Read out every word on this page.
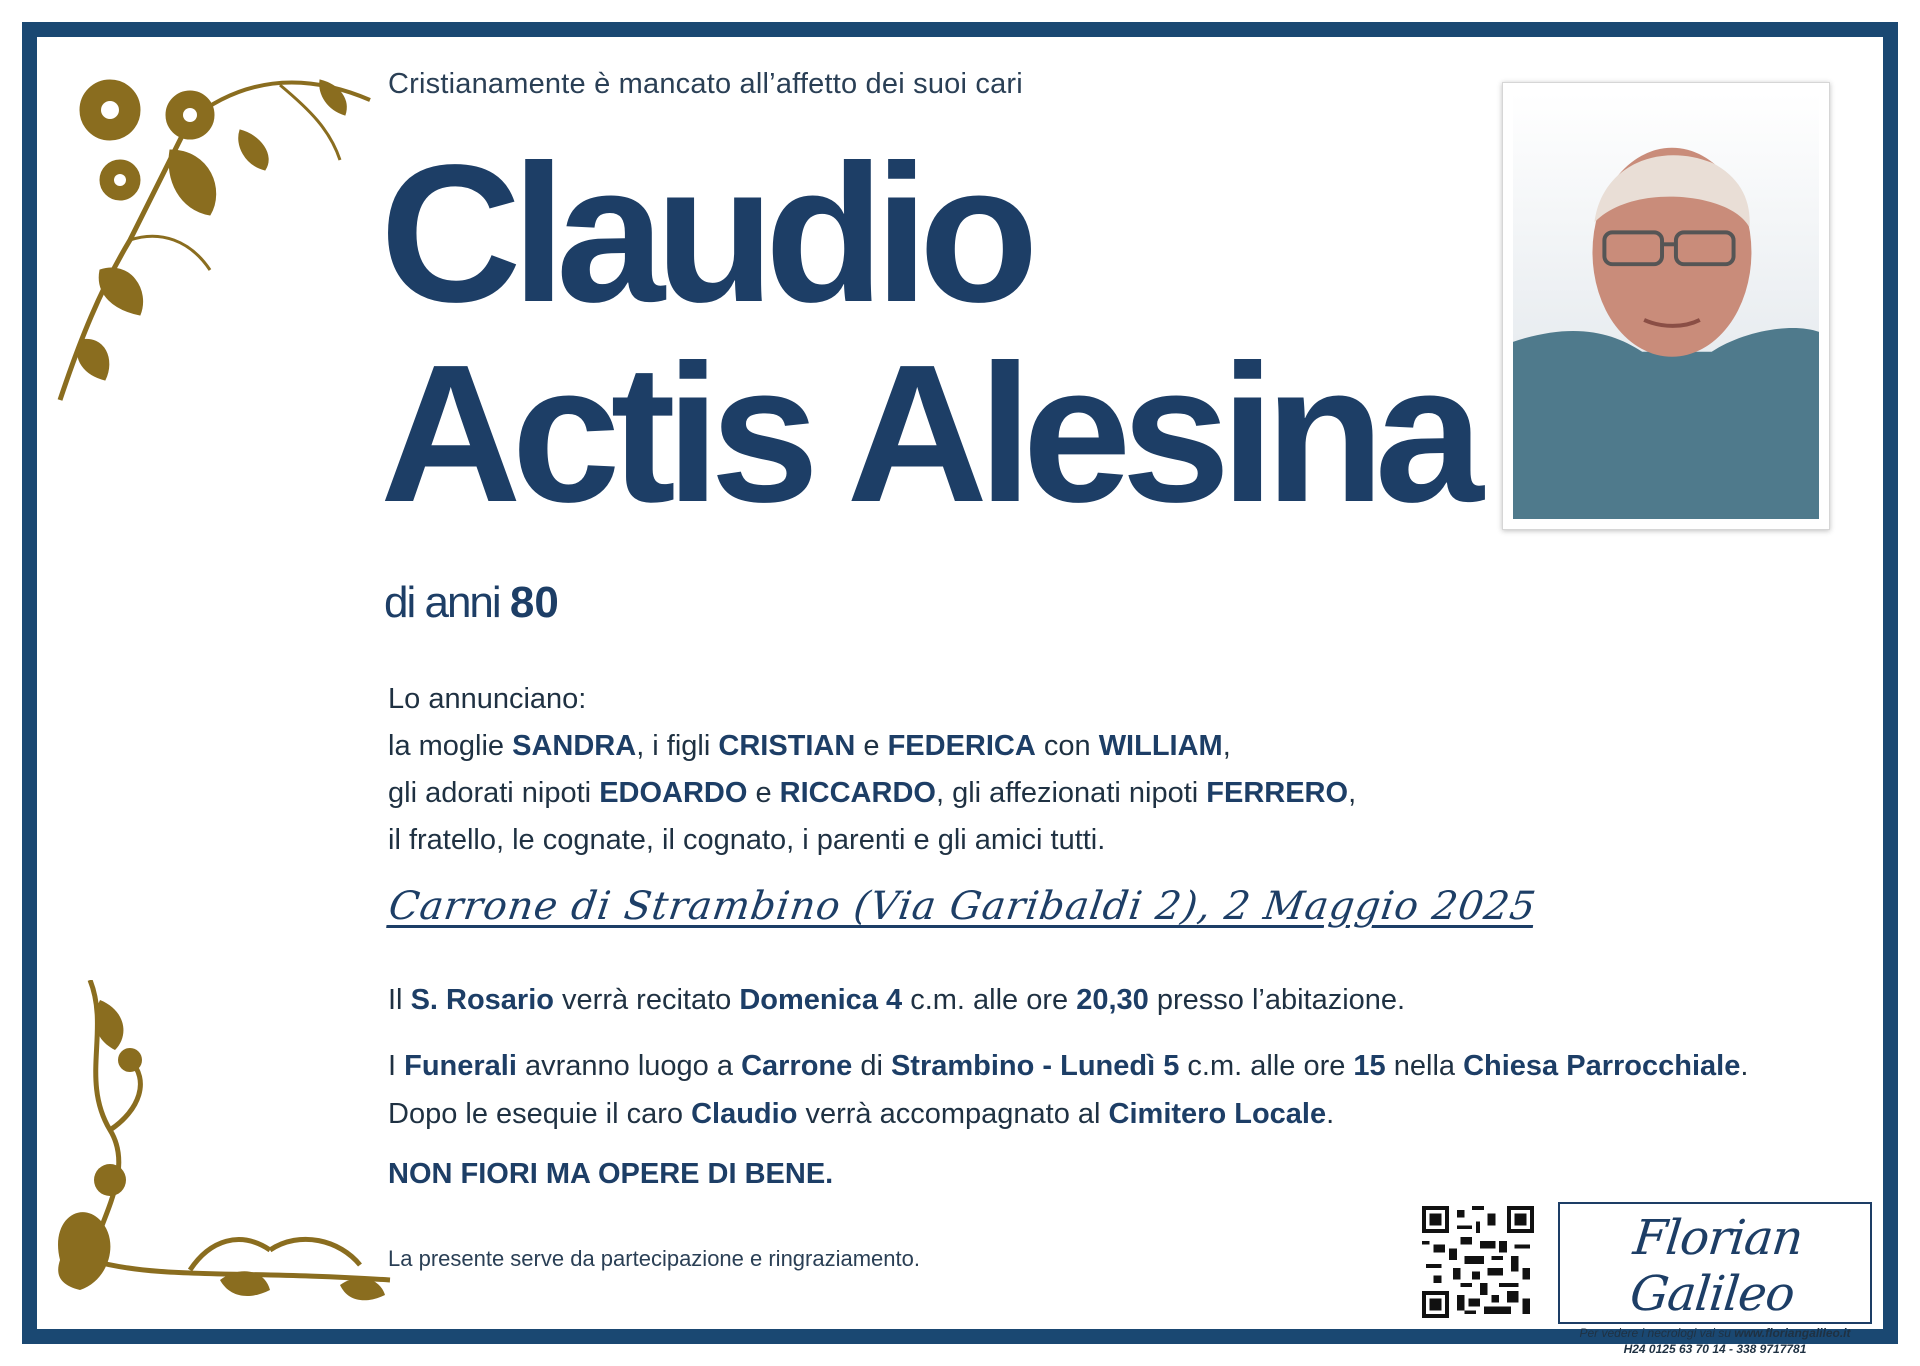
Cristianamente è mancato all’affetto dei suoi cari
Claudio
Actis Alesina
di anni 80
Lo annunciano:
la moglie SANDRA, i figli CRISTIAN e FEDERICA con WILLIAM,
gli adorati nipoti EDOARDO e RICCARDO, gli affezionati nipoti FERRERO,
il fratello, le cognate, il cognato, i parenti e gli amici tutti.
Carrone di Strambino (Via Garibaldi 2), 2 Maggio 2025
Il S. Rosario verrà recitato Domenica 4 c.m. alle ore 20,30 presso l’abitazione.
I Funerali avranno luogo a Carrone di Strambino - Lunedì 5 c.m. alle ore 15 nella Chiesa Parrocchiale.
Dopo le esequie il caro Claudio verrà accompagnato al Cimitero Locale.
NON FIORI MA OPERE DI BENE.
La presente serve da partecipazione e ringraziamento.	Florian Galileo
Per vedere i necrologi vai su www.floriangalileo.it
H24 0125 63 70 14 - 338 9717781
